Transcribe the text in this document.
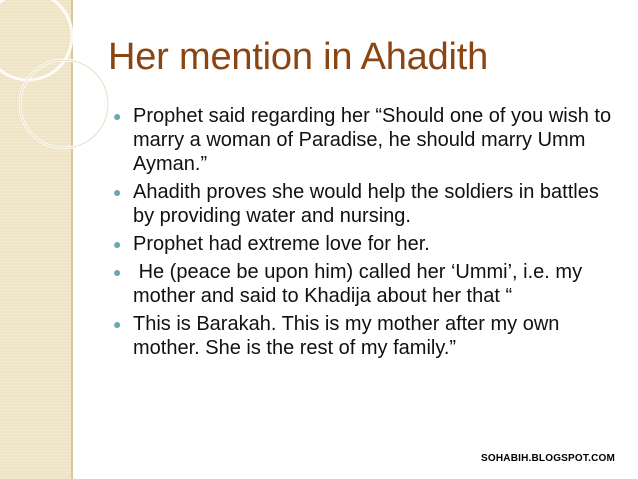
Her mention in Ahadith
● Prophet said regarding her “Should one of you wish to marry a woman of Paradise, he should marry Umm Ayman.”
● Ahadith proves she would help the soldiers in battles by providing water and nursing.
● Prophet had extreme love for her.
● He (peace be upon him) called her ‘Ummi’, i.e. my mother and said to Khadija about her that “
● This is Barakah. This is my mother after my own mother. She is the rest of my family.”
SOHABIH.BLOGSPOT.COM
